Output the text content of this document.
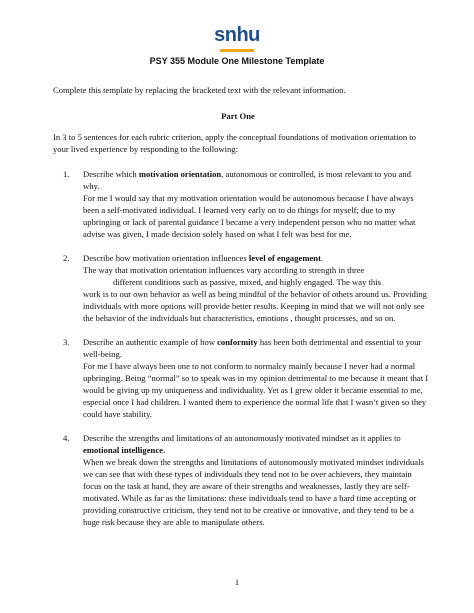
snhu
PSY 355 Module One Milestone Template

Complete this template by replacing the bracketed text with the relevant information.

Part One

In 3 to 5 sentences for each rubric criterion, apply the conceptual foundations of motivation orientation to your lived experience by responding to the following:

1. Describe which motivation orientation, autonomous or controlled, is most relevant to you and why.

For me I would say that my motivation orientation would be autonomous because I have always been a self-motivated individual. I learned very early on to do things for myself; due to my upbringing or lack of parental guidance I became a very independent person who no matter what advise was given, I made decision solely based on what I felt was best for me.

2. Describe how motivation orientation influences level of engagement.

The way that motivation orientation influences vary according to strength in three

different conditions such as passive, mixed, and highly engaged. The way this
work is to our own behavior as well as being mindful of the behavior of others around us. Providing individuals with more options will provide better results. Keeping in mind that we will not only see the behavior of the individuals but characteristics, emotions , thought processes, and so on.

3. Describe an authentic example of how conformity has been both detrimental and essential to your well-being.

For me I have always been one to not conform to normalcy mainly because I never had a normal upbringing. Being “normal” so to speak was in my opinion detrimental to me because it meant that I would be giving up my uniqueness and individuality. Yet as I grew older it became essential to me, especial once I had children. I wanted them to experience the normal life that I wasn’t given so they could have stability.

4. Describe the strengths and limitations of an autonomously motivated mindset as it applies to emotional intelligence.

When we break down the strengths and limitations of autonomously motivated mindset individuals we can see that with these types of individuals they tend not to be over achievers, they maintain focus on the task at hand, they are aware of their strengths and weaknesses, lastly they are self-motivated. While as far as the limitations: these individuals tend to have a hard time accepting or providing constructive criticism, they tend not to be creative or innovative, and they tend to be a huge risk because they are able to manipulate others.

1
